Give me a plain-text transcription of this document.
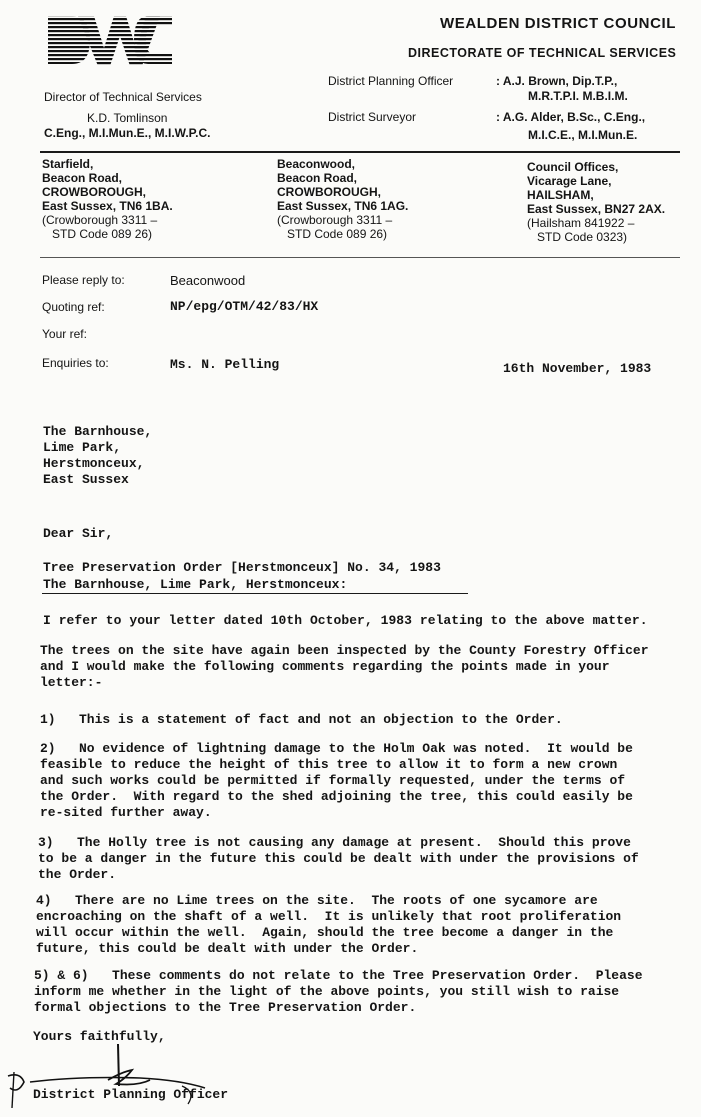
WEALDEN DISTRICT COUNCIL
DIRECTORATE OF TECHNICAL SERVICES
District Planning Officer	: A.J. Brown, Dip.T.P.,
M.R.T.P.I. M.B.I.M.
Director of Technical Services
K.D. Tomlinson
C.Eng., M.I.Mun.E., M.I.W.P.C.
District Surveyor	: A.G. Alder, B.Sc., C.Eng.,
M.I.C.E., M.I.Mun.E.
Starfield,
Beacon Road,
CROWBOROUGH,
East Sussex, TN6 1BA.
(Crowborough 3311 –
STD Code 089 26)
Beaconwood,
Beacon Road,
CROWBOROUGH,
East Sussex, TN6 1AG.
(Crowborough 3311 –
STD Code 089 26)
Council Offices,
Vicarage Lane,
HAILSHAM,
East Sussex, BN27 2AX.
(Hailsham 841922 –
STD Code 0323)
Please reply to:	Beaconwood
Quoting ref:	NP/epg/OTM/42/83/HX
Your ref:
Enquiries to:	Ms. N. Pelling	16th November, 1983
The Barnhouse,
Lime Park,
Herstmonceux,
East Sussex
Dear Sir,
Tree Preservation Order [Herstmonceux] No. 34, 1983
The Barnhouse, Lime Park, Herstmonceux:
I refer to your letter dated 10th October, 1983 relating to the above matter.
The trees on the site have again been inspected by the County Forestry Officer
and I would make the following comments regarding the points made in your
letter:-
1)   This is a statement of fact and not an objection to the Order.
2)   No evidence of lightning damage to the Holm Oak was noted.  It would be
feasible to reduce the height of this tree to allow it to form a new crown
and such works could be permitted if formally requested, under the terms of
the Order.  With regard to the shed adjoining the tree, this could easily be
re-sited further away.
3)   The Holly tree is not causing any damage at present.  Should this prove
to be a danger in the future this could be dealt with under the provisions of
the Order.
4)   There are no Lime trees on the site.  The roots of one sycamore are
encroaching on the shaft of a well.  It is unlikely that root proliferation
will occur within the well.  Again, should the tree become a danger in the
future, this could be dealt with under the Order.
5) & 6)   These comments do not relate to the Tree Preservation Order.  Please
inform me whether in the light of the above points, you still wish to raise
formal objections to the Tree Preservation Order.
Yours faithfully,
District Planning Officer
